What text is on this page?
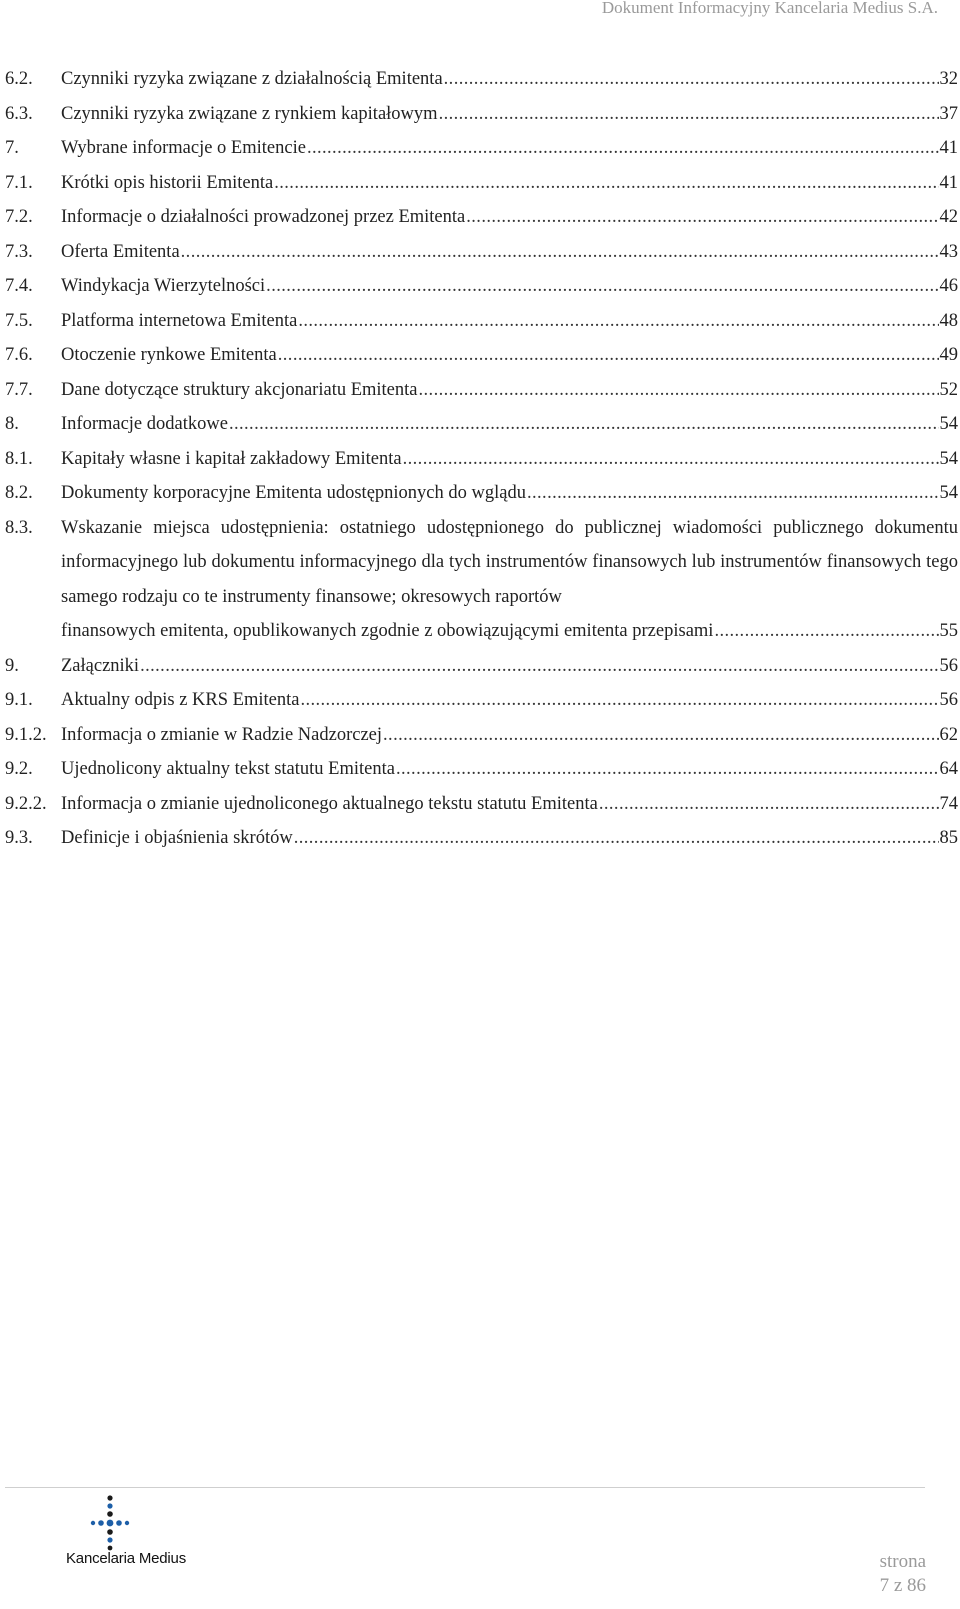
Dokument Informacyjny Kancelaria Medius S.A.
6.2.	Czynniki ryzyka związane z działalnością Emitenta .....	32
6.3.	Czynniki ryzyka związane z rynkiem kapitałowym .....	37
7.	Wybrane informacje o Emitencie .....	41
7.1.	Krótki opis historii Emitenta .....	41
7.2.	Informacje o działalności prowadzonej przez Emitenta .....	42
7.3.	Oferta Emitenta .....	43
7.4.	Windykacja Wierzytelności .....	46
7.5.	Platforma internetowa Emitenta .....	48
7.6.	Otoczenie rynkowe Emitenta .....	49
7.7.	Dane dotyczące struktury akcjonariatu Emitenta .....	52
8.	Informacje dodatkowe .....	54
8.1.	Kapitały własne i kapitał zakładowy Emitenta .....	54
8.2.	Dokumenty korporacyjne Emitenta udostępnionych do wglądu .....	54
8.3.	Wskazanie miejsca udostępnienia: ostatniego udostępnionego do publicznej wiadomości publicznego dokumentu informacyjnego lub dokumentu informacyjnego dla tych instrumentów finansowych lub instrumentów finansowych tego samego rodzaju co te instrumenty finansowe; okresowych raportów
finansowych emitenta, opublikowanych zgodnie z obowiązującymi emitenta przepisami .....	55
9.	Załączniki .....	56
9.1.	Aktualny odpis z KRS Emitenta .....	56
9.1.2. Informacja o zmianie w Radzie Nadzorczej .....	62
9.2.	Ujednolicony aktualny tekst statutu Emitenta .....	64
9.2.2. Informacja o zmianie ujednoliconego aktualnego tekstu statutu Emitenta .....	74
9.3.	Definicje i objaśnienia skrótów .....	85
Kancelaria Medius	strona
7 z 86
